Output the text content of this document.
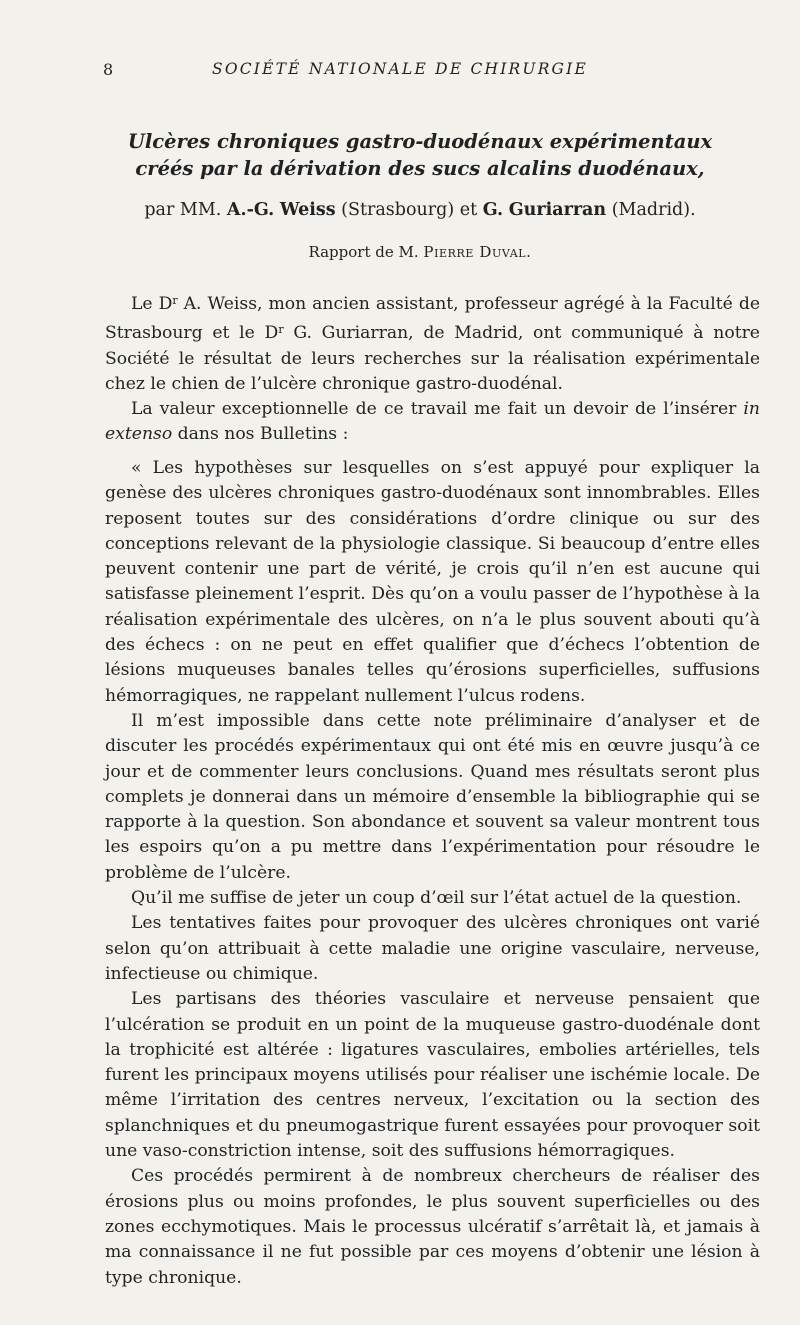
8	SOCIÉTÉ NATIONALE DE CHIRURGIE
Ulcères chroniques gastro-duodénaux expérimentaux
créés par la dérivation des sucs alcalins duodénaux,
par MM. A.-G. Weiss (Strasbourg) et G. Guriarran (Madrid).
Rapport de M. Pierre Duval.

Le $D^r$ A. Weiss, mon ancien assistant, professeur agrégé à la Faculté de Strasbourg et le $D^r$ G. Guriarran, de Madrid, ont communiqué à notre Société le résultat de leurs recherches sur la réalisation expérimentale chez le chien de l’ulcère chronique gastro-duodénal.

La valeur exceptionnelle de ce travail me fait un devoir de l’insérer in extenso dans nos Bulletins :

« Les hypothèses sur lesquelles on s’est appuyé pour expliquer la genèse des ulcères chroniques gastro-duodénaux sont innombrables. Elles reposent toutes sur des considérations d’ordre clinique ou sur des conceptions relevant de la physiologie classique. Si beaucoup d’entre elles peuvent contenir une part de vérité, je crois qu’il n’en est aucune qui satisfasse pleinement l’esprit. Dès qu’on a voulu passer de l’hypothèse à la réalisation expérimentale des ulcères, on n’a le plus souvent abouti qu’à des échecs : on ne peut en effet qualifier que d’échecs l’obtention de lésions muqueuses banales telles qu’érosions superficielles, suffusions hémorragiques, ne rappelant nullement l’ulcus rodens.

Il m’est impossible dans cette note préliminaire d’analyser et de discuter les procédés expérimentaux qui ont été mis en œuvre jusqu’à ce jour et de commenter leurs conclusions. Quand mes résultats seront plus complets je donnerai dans un mémoire d’ensemble la bibliographie qui se rapporte à la question. Son abondance et souvent sa valeur montrent tous les espoirs qu’on a pu mettre dans l’expérimentation pour résoudre le problème de l’ulcère.

Qu’il me suffise de jeter un coup d’œil sur l’état actuel de la question.

Les tentatives faites pour provoquer des ulcères chroniques ont varié selon qu’on attribuait à cette maladie une origine vasculaire, nerveuse, infectieuse ou chimique.

Les partisans des théories vasculaire et nerveuse pensaient que l’ulcération se produit en un point de la muqueuse gastro-duodénale dont la trophicité est altérée : ligatures vasculaires, embolies artérielles, tels furent les principaux moyens utilisés pour réaliser une ischémie locale. De même l’irritation des centres nerveux, l’excitation ou la section des splanchniques et du pneumogastrique furent essayées pour provoquer soit une vaso-constriction intense, soit des suffusions hémorragiques.

Ces procédés permirent à de nombreux chercheurs de réaliser des érosions plus ou moins profondes, le plus souvent superficielles ou des zones ecchymotiques. Mais le processus ulcératif s’arrêtait là, et jamais à ma connaissance il ne fut possible par ces moyens d’obtenir une lésion à type chronique.
